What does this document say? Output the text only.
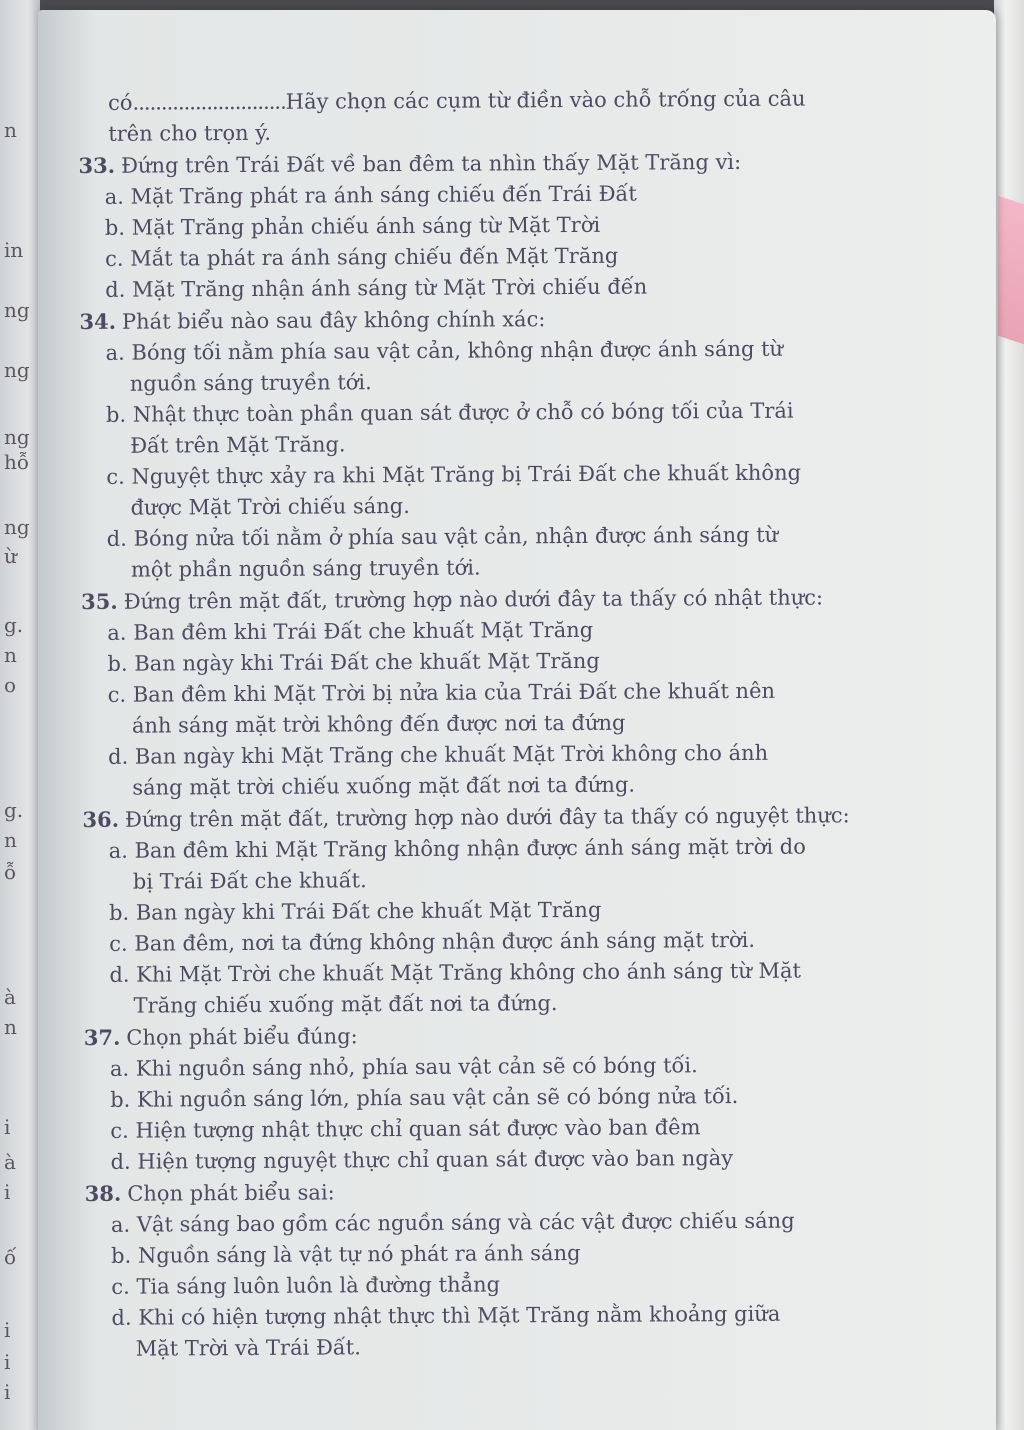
n
in
ng
ng
ng
hỗ
ng
ừ
g.
n
o
g.
n
ỗ
à
n
i
à
i
ố
i
i
i
có...........................Hãy chọn các cụm từ điền vào chỗ trống của câu
trên cho trọn ý.
33. Đứng trên Trái Đất về ban đêm ta nhìn thấy Mặt Trăng vì:
a. Mặt Trăng phát ra ánh sáng chiếu đến Trái Đất
b. Mặt Trăng phản chiếu ánh sáng từ Mặt Trời
c. Mắt ta phát ra ánh sáng chiếu đến Mặt Trăng
d. Mặt Trăng nhận ánh sáng từ Mặt Trời chiếu đến
34. Phát biểu nào sau đây không chính xác:
a. Bóng tối nằm phía sau vật cản, không nhận được ánh sáng từ
nguồn sáng truyền tới.
b. Nhật thực toàn phần quan sát được ở chỗ có bóng tối của Trái
Đất trên Mặt Trăng.
c. Nguyệt thực xảy ra khi Mặt Trăng bị Trái Đất che khuất không
được Mặt Trời chiếu sáng.
d. Bóng nửa tối nằm ở phía sau vật cản, nhận được ánh sáng từ
một phần nguồn sáng truyền tới.
35. Đứng trên mặt đất, trường hợp nào dưới đây ta thấy có nhật thực:
a. Ban đêm khi Trái Đất che khuất Mặt Trăng
b. Ban ngày khi Trái Đất che khuất Mặt Trăng
c. Ban đêm khi Mặt Trời bị nửa kia của Trái Đất che khuất nên
ánh sáng mặt trời không đến được nơi ta đứng
d. Ban ngày khi Mặt Trăng che khuất Mặt Trời không cho ánh
sáng mặt trời chiếu xuống mặt đất nơi ta đứng.
36. Đứng trên mặt đất, trường hợp nào dưới đây ta thấy có nguyệt thực:
a. Ban đêm khi Mặt Trăng không nhận được ánh sáng mặt trời do
bị Trái Đất che khuất.
b. Ban ngày khi Trái Đất che khuất Mặt Trăng
c. Ban đêm, nơi ta đứng không nhận được ánh sáng mặt trời.
d. Khi Mặt Trời che khuất Mặt Trăng không cho ánh sáng từ Mặt
Trăng chiếu xuống mặt đất nơi ta đứng.
37. Chọn phát biểu đúng:
a. Khi nguồn sáng nhỏ, phía sau vật cản sẽ có bóng tối.
b. Khi nguồn sáng lớn, phía sau vật cản sẽ có bóng nửa tối.
c. Hiện tượng nhật thực chỉ quan sát được vào ban đêm
d. Hiện tượng nguyệt thực chỉ quan sát được vào ban ngày
38. Chọn phát biểu sai:
a. Vật sáng bao gồm các nguồn sáng và các vật được chiếu sáng
b. Nguồn sáng là vật tự nó phát ra ánh sáng
c. Tia sáng luôn luôn là đường thẳng
d. Khi có hiện tượng nhật thực thì Mặt Trăng nằm khoảng giữa
Mặt Trời và Trái Đất.
